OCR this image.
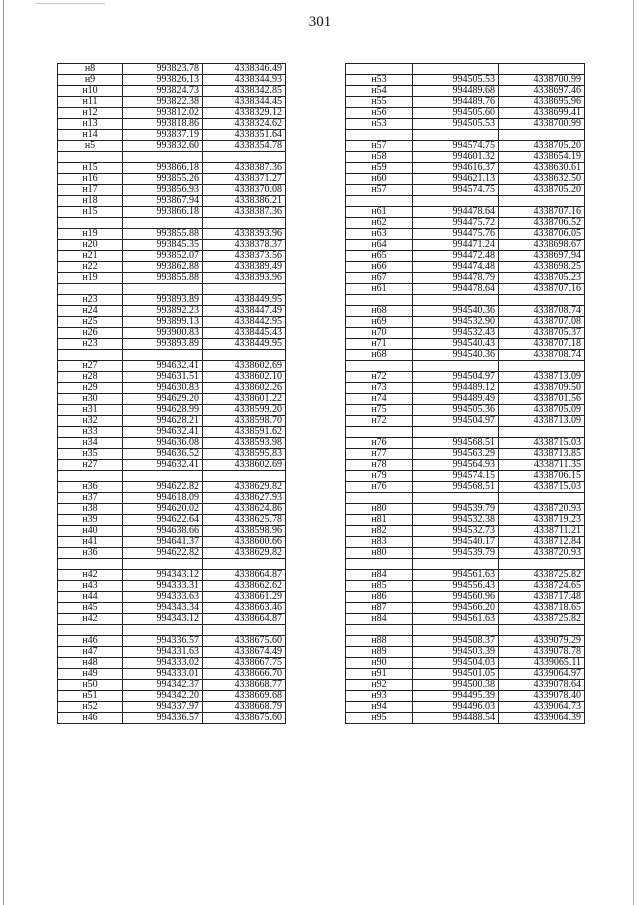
301
н8	993823.78	4338346.49
н9	993826.13	4338344.93
н10	993824.73	4338342.85
н11	993822.38	4338344.45
н12	993812.02	4338329.12
н13	993818.86	4338324.62
н14	993837.19	4338351.64
н5	993832.60	4338354.78

н15	993866.18	4338387.36
н16	993855.26	4338371.27
н17	993856.93	4338370.08
н18	993867.94	4338386.21
н15	993866.18	4338387.36

н19	993855.88	4338393.96
н20	993845.35	4338378.37
н21	993852.07	4338373.56
н22	993862.88	4338389.49
н19	993855.88	4338393.96

н23	993893.89	4338449.95
н24	993892.23	4338447.49
н25	993899.13	4338442.95
н26	993900.83	4338445.43
н23	993893.89	4338449.95

н27	994632.41	4338602.69
н28	994631.51	4338602.10
н29	994630.83	4338602.26
н30	994629.20	4338601.22
н31	994628.99	4338599.20
н32	994628.21	4338598.70
н33	994632.41	4338591.62
н34	994636.08	4338593.98
н35	994636.52	4338595.83
н27	994632.41	4338602.69

н36	994622.82	4338629.82
н37	994618.09	4338627.93
н38	994620.02	4338624.86
н39	994622.64	4338625.78
н40	994638.66	4338598.96
н41	994641.37	4338600.66
н36	994622.82	4338629.82

н42	994343.12	4338664.87
н43	994333.31	4338662.62
н44	994333.63	4338661.29
н45	994343.34	4338663.46
н42	994343.12	4338664.87

н46	994336.57	4338675.60
н47	994331.63	4338674.49
н48	994333.02	4338667.75
н49	994333.01	4338666.70
н50	994342.37	4338668.77
н51	994342.20	4338669.68
н52	994337.97	4338668.79
н46	994336.57	4338675.60

н53	994505.53	4338700.99
н54	994489.68	4338697.46
н55	994489.76	4338695.96
н56	994505.60	4338699.41
н53	994505.53	4338700.99

н57	994574.75	4338705.20
н58	994601.32	4338654.19
н59	994616.37	4338630.61
н60	994621.13	4338632.50
н57	994574.75	4338705.20

н61	994478.64	4338707.16
н62	994475.72	4338706.52
н63	994475.76	4338706.05
н64	994471.24	4338698.67
н65	994472.48	4338697.94
н66	994474.48	4338698.25
н67	994478.79	4338705.23
н61	994478.64	4338707.16

н68	994540.36	4338708.74
н69	994532.90	4338707.08
н70	994532.43	4338705.37
н71	994540.43	4338707.18
н68	994540.36	4338708.74

н72	994504.97	4338713.09
н73	994489.12	4338709.50
н74	994489.49	4338701.56
н75	994505.36	4338705.09
н72	994504.97	4338713.09

н76	994568.51	4338715.03
н77	994563.29	4338713.85
н78	994564.93	4338711.35
н79	994574.15	4338706.15
н76	994568.51	4338715.03

н80	994539.79	4338720.93
н81	994532.38	4338719.23
н82	994532.73	4338711.21
н83	994540.17	4338712.84
н80	994539.79	4338720.93

н84	994561.63	4338725.82
н85	994556.43	4338724.65
н86	994560.96	4338717.48
н87	994566.20	4338718.65
н84	994561.63	4338725.82

н88	994508.37	4339079.29
н89	994503.39	4339078.78
н90	994504.03	4339065.11
н91	994501.05	4339064.97
н92	994500.38	4339078.64
н93	994495.39	4339078.40
н94	994496.03	4339064.73
н95	994488.54	4339064.39
